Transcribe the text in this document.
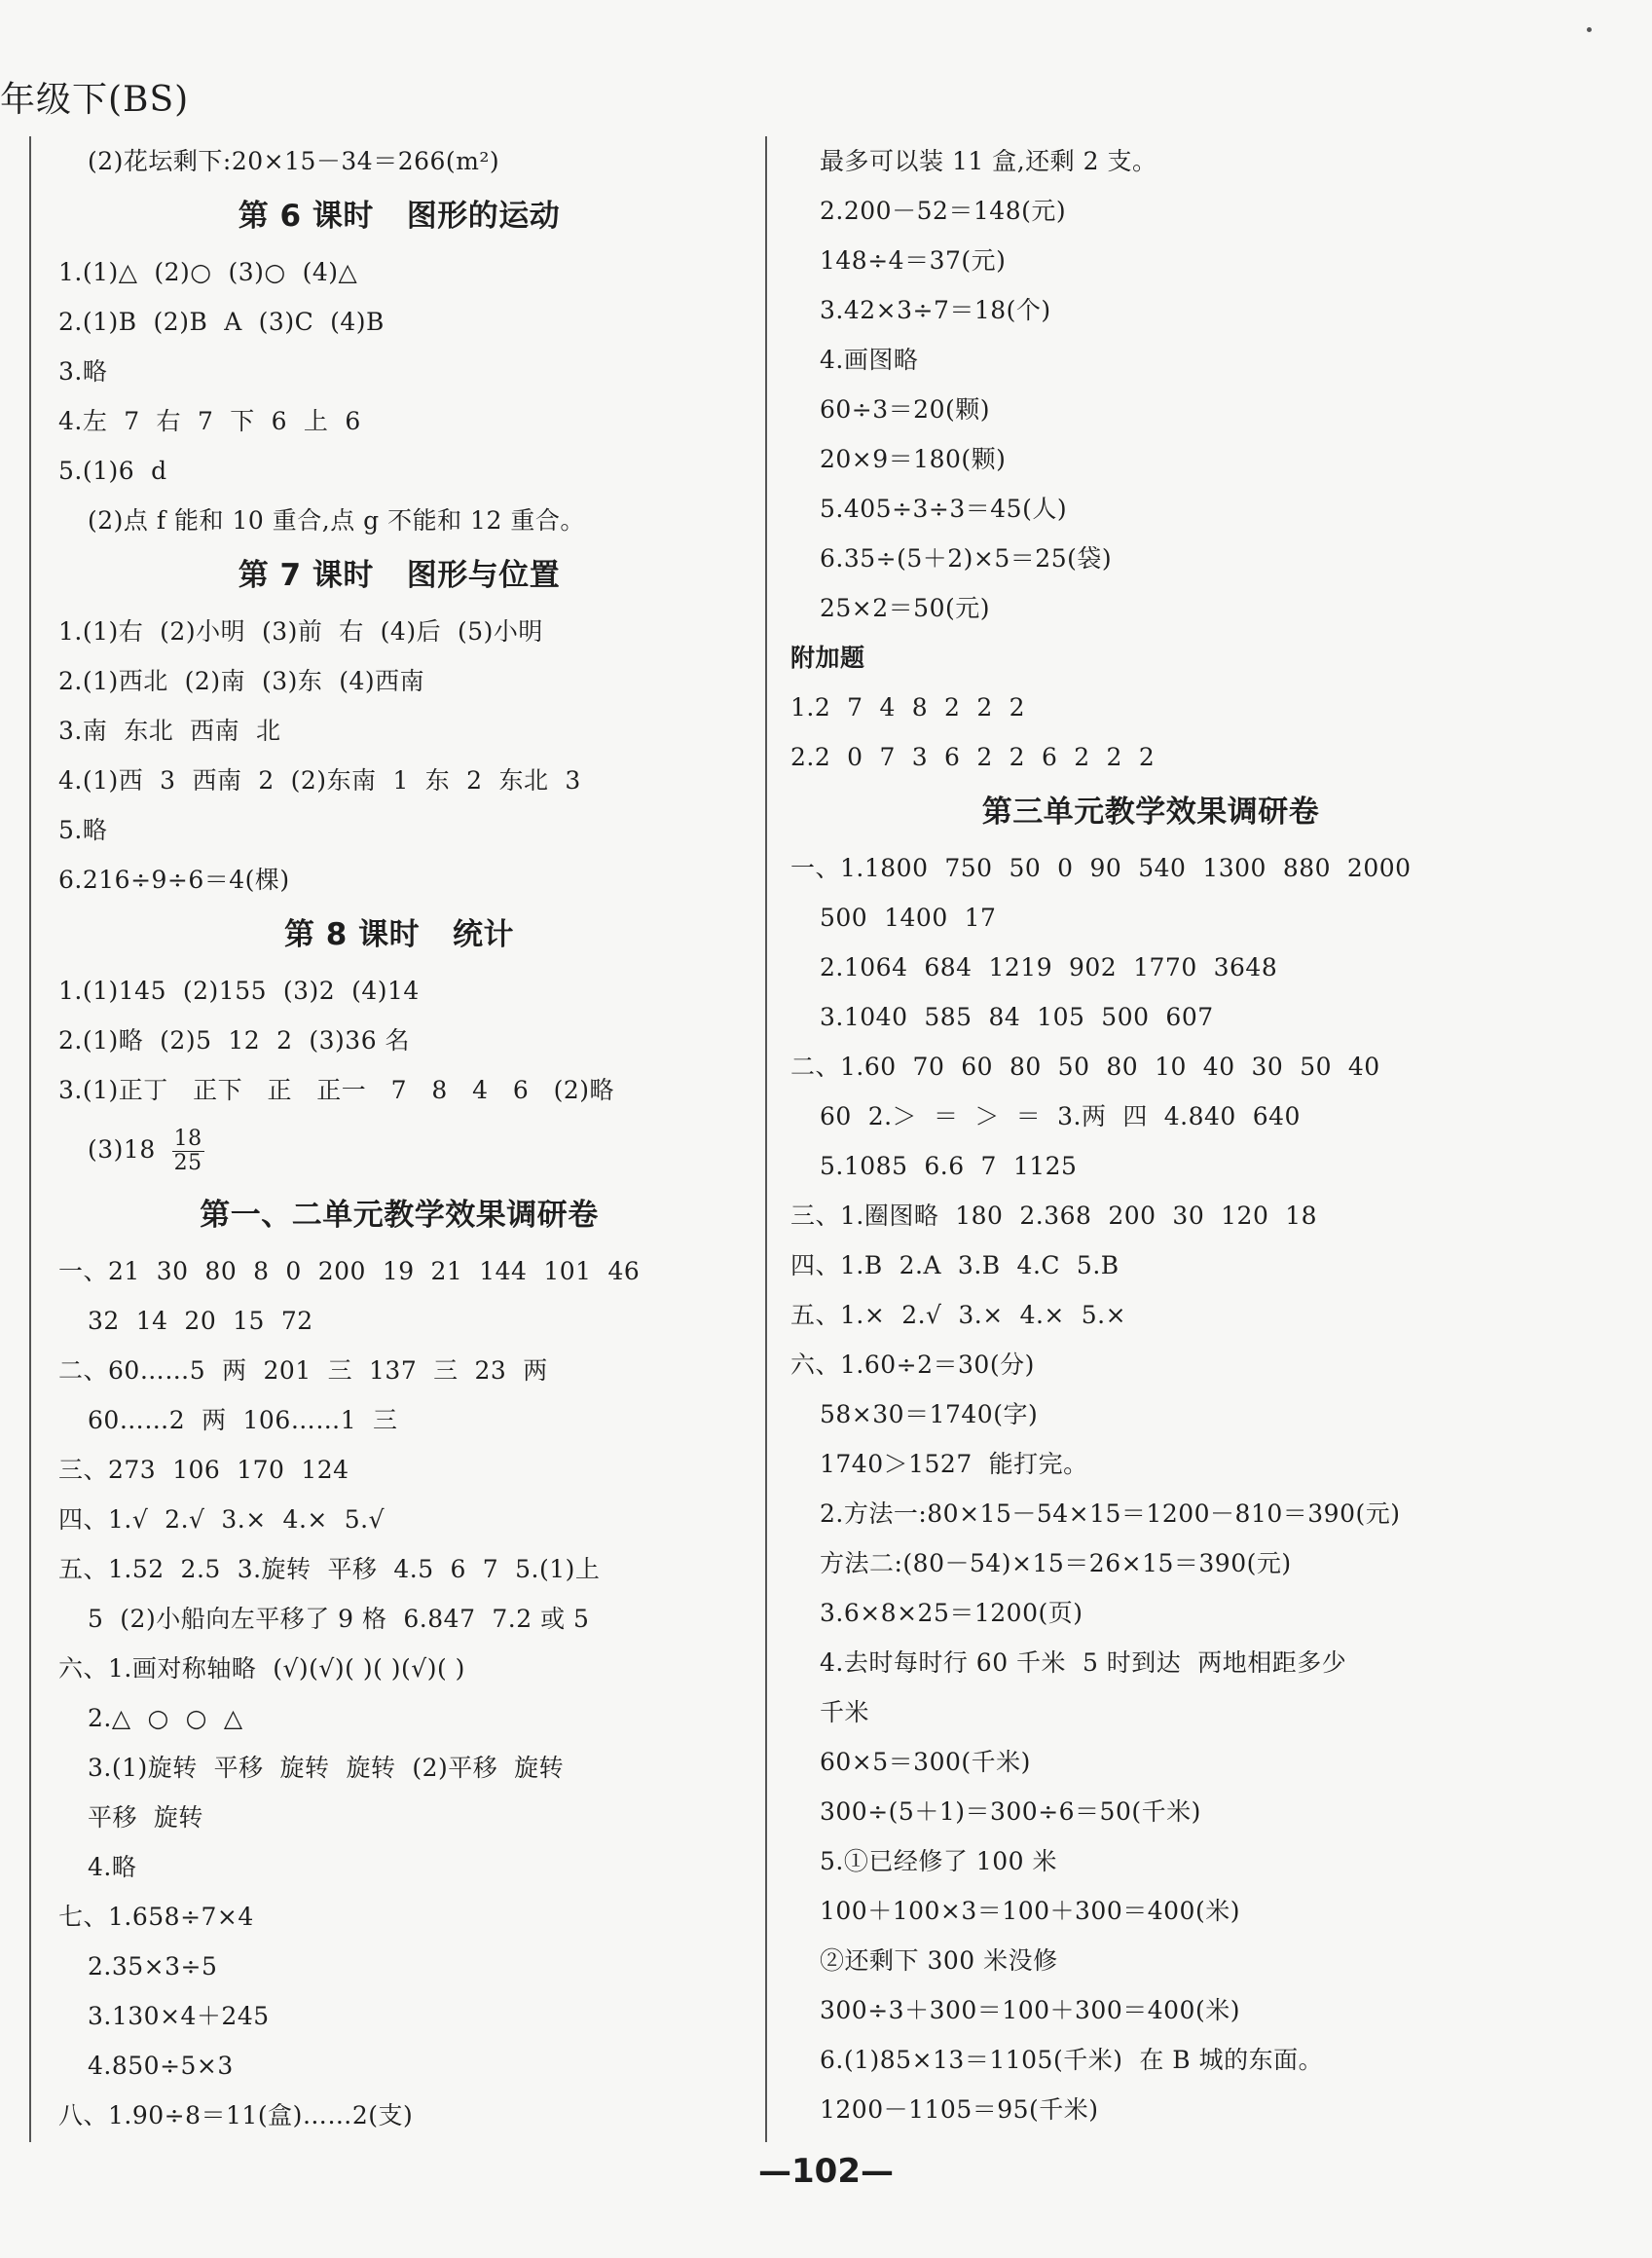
年级下(BS)
(2)花坛剩下:20×15－34＝266(m²)
第 6 课时   图形的运动
1.(1)△  (2)○  (3)○  (4)△
2.(1)B  (2)B  A  (3)C  (4)B
3.略
4.左  7  右  7  下  6  上  6
5.(1)6  d
(2)点 f 能和 10 重合,点 g 不能和 12 重合。
第 7 课时   图形与位置
1.(1)右  (2)小明  (3)前  右  (4)后  (5)小明
2.(1)西北  (2)南  (3)东  (4)西南
3.南  东北  西南  北
4.(1)西  3  西南  2  (2)东南  1  东  2  东北  3
5.略
6.216÷9÷6＝4(棵)
第 8 课时   统计
1.(1)145  (2)155  (3)2  (4)14
2.(1)略  (2)5  12  2  (3)36 名
3.(1)正丁   正下   正   正一   7   8   4   6   (2)略
$(3)18 \frac{18}{25}$
第一、二单元教学效果调研卷
一、21  30  80  8  0  200  19  21  144  101  46
32  14  20  15  72
二、60……5  两  201  三  137  三  23  两
60……2  两  106……1  三
三、273  106  170  124
四、1.√  2.√  3.×  4.×  5.√
五、1.52  2.5  3.旋转  平移  4.5  6  7  5.(1)上
5  (2)小船向左平移了 9 格  6.847  7.2 或 5
六、1.画对称轴略  (√)(√)( )( )(√)( )
2.△  ○  ○  △
3.(1)旋转  平移  旋转  旋转  (2)平移  旋转
平移  旋转
4.略
七、1.658÷7×4
2.35×3÷5
3.130×4＋245
4.850÷5×3
八、1.90÷8＝11(盒)……2(支)
最多可以装 11 盒,还剩 2 支。
2.200－52＝148(元)
148÷4＝37(元)
3.42×3÷7＝18(个)
4.画图略
60÷3＝20(颗)
20×9＝180(颗)
5.405÷3÷3＝45(人)
6.35÷(5＋2)×5＝25(袋)
25×2＝50(元)
附加题
1.2  7  4  8  2  2  2
2.2  0  7  3  6  2  2  6  2  2  2
第三单元教学效果调研卷
一、1.1800  750  50  0  90  540  1300  880  2000
500  1400  17
2.1064  684  1219  902  1770  3648
3.1040  585  84  105  500  607
二、1.60  70  60  80  50  80  10  40  30  50  40
60  2.＞  ＝  ＞  ＝  3.两  四  4.840  640
5.1085  6.6  7  1125
三、1.圈图略  180  2.368  200  30  120  18
四、1.B  2.A  3.B  4.C  5.B
五、1.×  2.√  3.×  4.×  5.×
六、1.60÷2＝30(分)
58×30＝1740(字)
1740＞1527  能打完。
2.方法一:80×15－54×15＝1200－810＝390(元)
方法二:(80－54)×15＝26×15＝390(元)
3.6×8×25＝1200(页)
4.去时每时行 60 千米  5 时到达  两地相距多少
千米
60×5＝300(千米)
300÷(5＋1)＝300÷6＝50(千米)
5.①已经修了 100 米
100＋100×3＝100＋300＝400(米)
②还剩下 300 米没修
300÷3＋300＝100＋300＝400(米)
6.(1)85×13＝1105(千米)  在 B 城的东面。
1200－1105＝95(千米)
—102—
